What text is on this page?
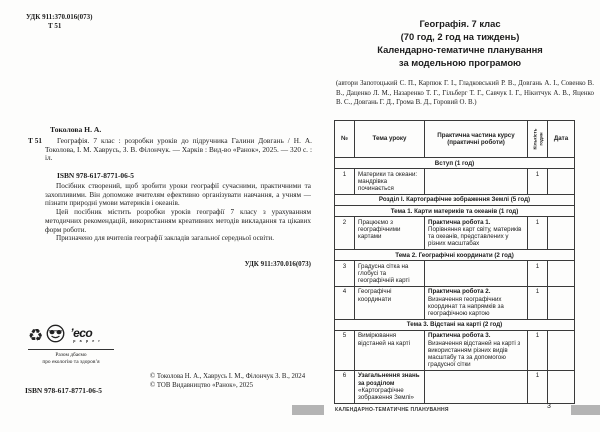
УДК 911:370.016(073)
Т 51
Токолова Н. А.
Т 51	Географія. 7 клас : розробки уроків до підручника Галини Довгань / Н. А. Токолова, І. М. Хаврусь, З. В. Філончук. — Харків : Вид-во «Ранок», 2025. — 320 с. : іл.
ISBN 978-617-8771-06-5

Посібник створений, щоб зробити уроки географії сучасними, практичними та захопливими. Він допоможе вчителям ефективно організувати навчання, а учням — пізнати природні умови материків і океанів.

Цей посібник містить розробки уроків географії 7 класу з урахуванням методичних рекомендацій, використанням креативних методів викладання та цікавих форм роботи.

Призначено для вчителів географії закладів загальної середньої освіти.

УДК 911:370.016(073)
♻ ’eco
p a p e r
Разом дбаємо
про екологію та здоров’я
ISBN 978-617-8771-06-5

© Токолова Н. А., Хаврусь І. М., Філончук З. В., 2024

© ТОВ Видавництво «Ранок», 2025

Географія. 7 клас
(70 год, 2 год на тиждень)
Календарно-тематичне планування
за модельною програмою
(автори Запотоцький С. П., Карпюк Г. І., Гладковський Р. В., Довгань А. І., Совенко В. В., Даценко Л. М., Назаренко Т. Г., Гільберг Т. Г., Савчук І. Г., Нікитчук А. В., Яценко В. С., Довгань Г. Д., Грома В. Д., Горовий О. В.)
№	Тема уроку	Практична частина курсу (практичні роботи)	Кількість годин	Дата
Вступ (1 год)				
1	Материки та океани: мандрівка починається		1	
Розділ I. Картографічне зображення Землі (5 год)				
Тема 1. Карти материків та океанів (1 год)				
2	Працюємо з географічними картами	Практична робота 1. Порівняння карт світу, материків та океанів, представлених у різних масштабах	1	
Тема 2. Географічні координати (2 год)				
3	Градусна сітка на глобусі та географічній карті		1	
4	Географічні координати	Практична робота 2. Визначення географічних координат та напрямків за географічною картою	1	
Тема 3. Відстані на карті (2 год)				
5	Вимірювання відстаней на карті	Практична робота 3. Визначення відстаней на карті з використанням різних видів масштабу та за допомогою градусної сітки	1	
6	Узагальнення знань за розділом «Картографічне зображення Землі»		1	
КАЛЕНДАРНО-ТЕМАТИЧНЕ ПЛАНУВАННЯ	3
